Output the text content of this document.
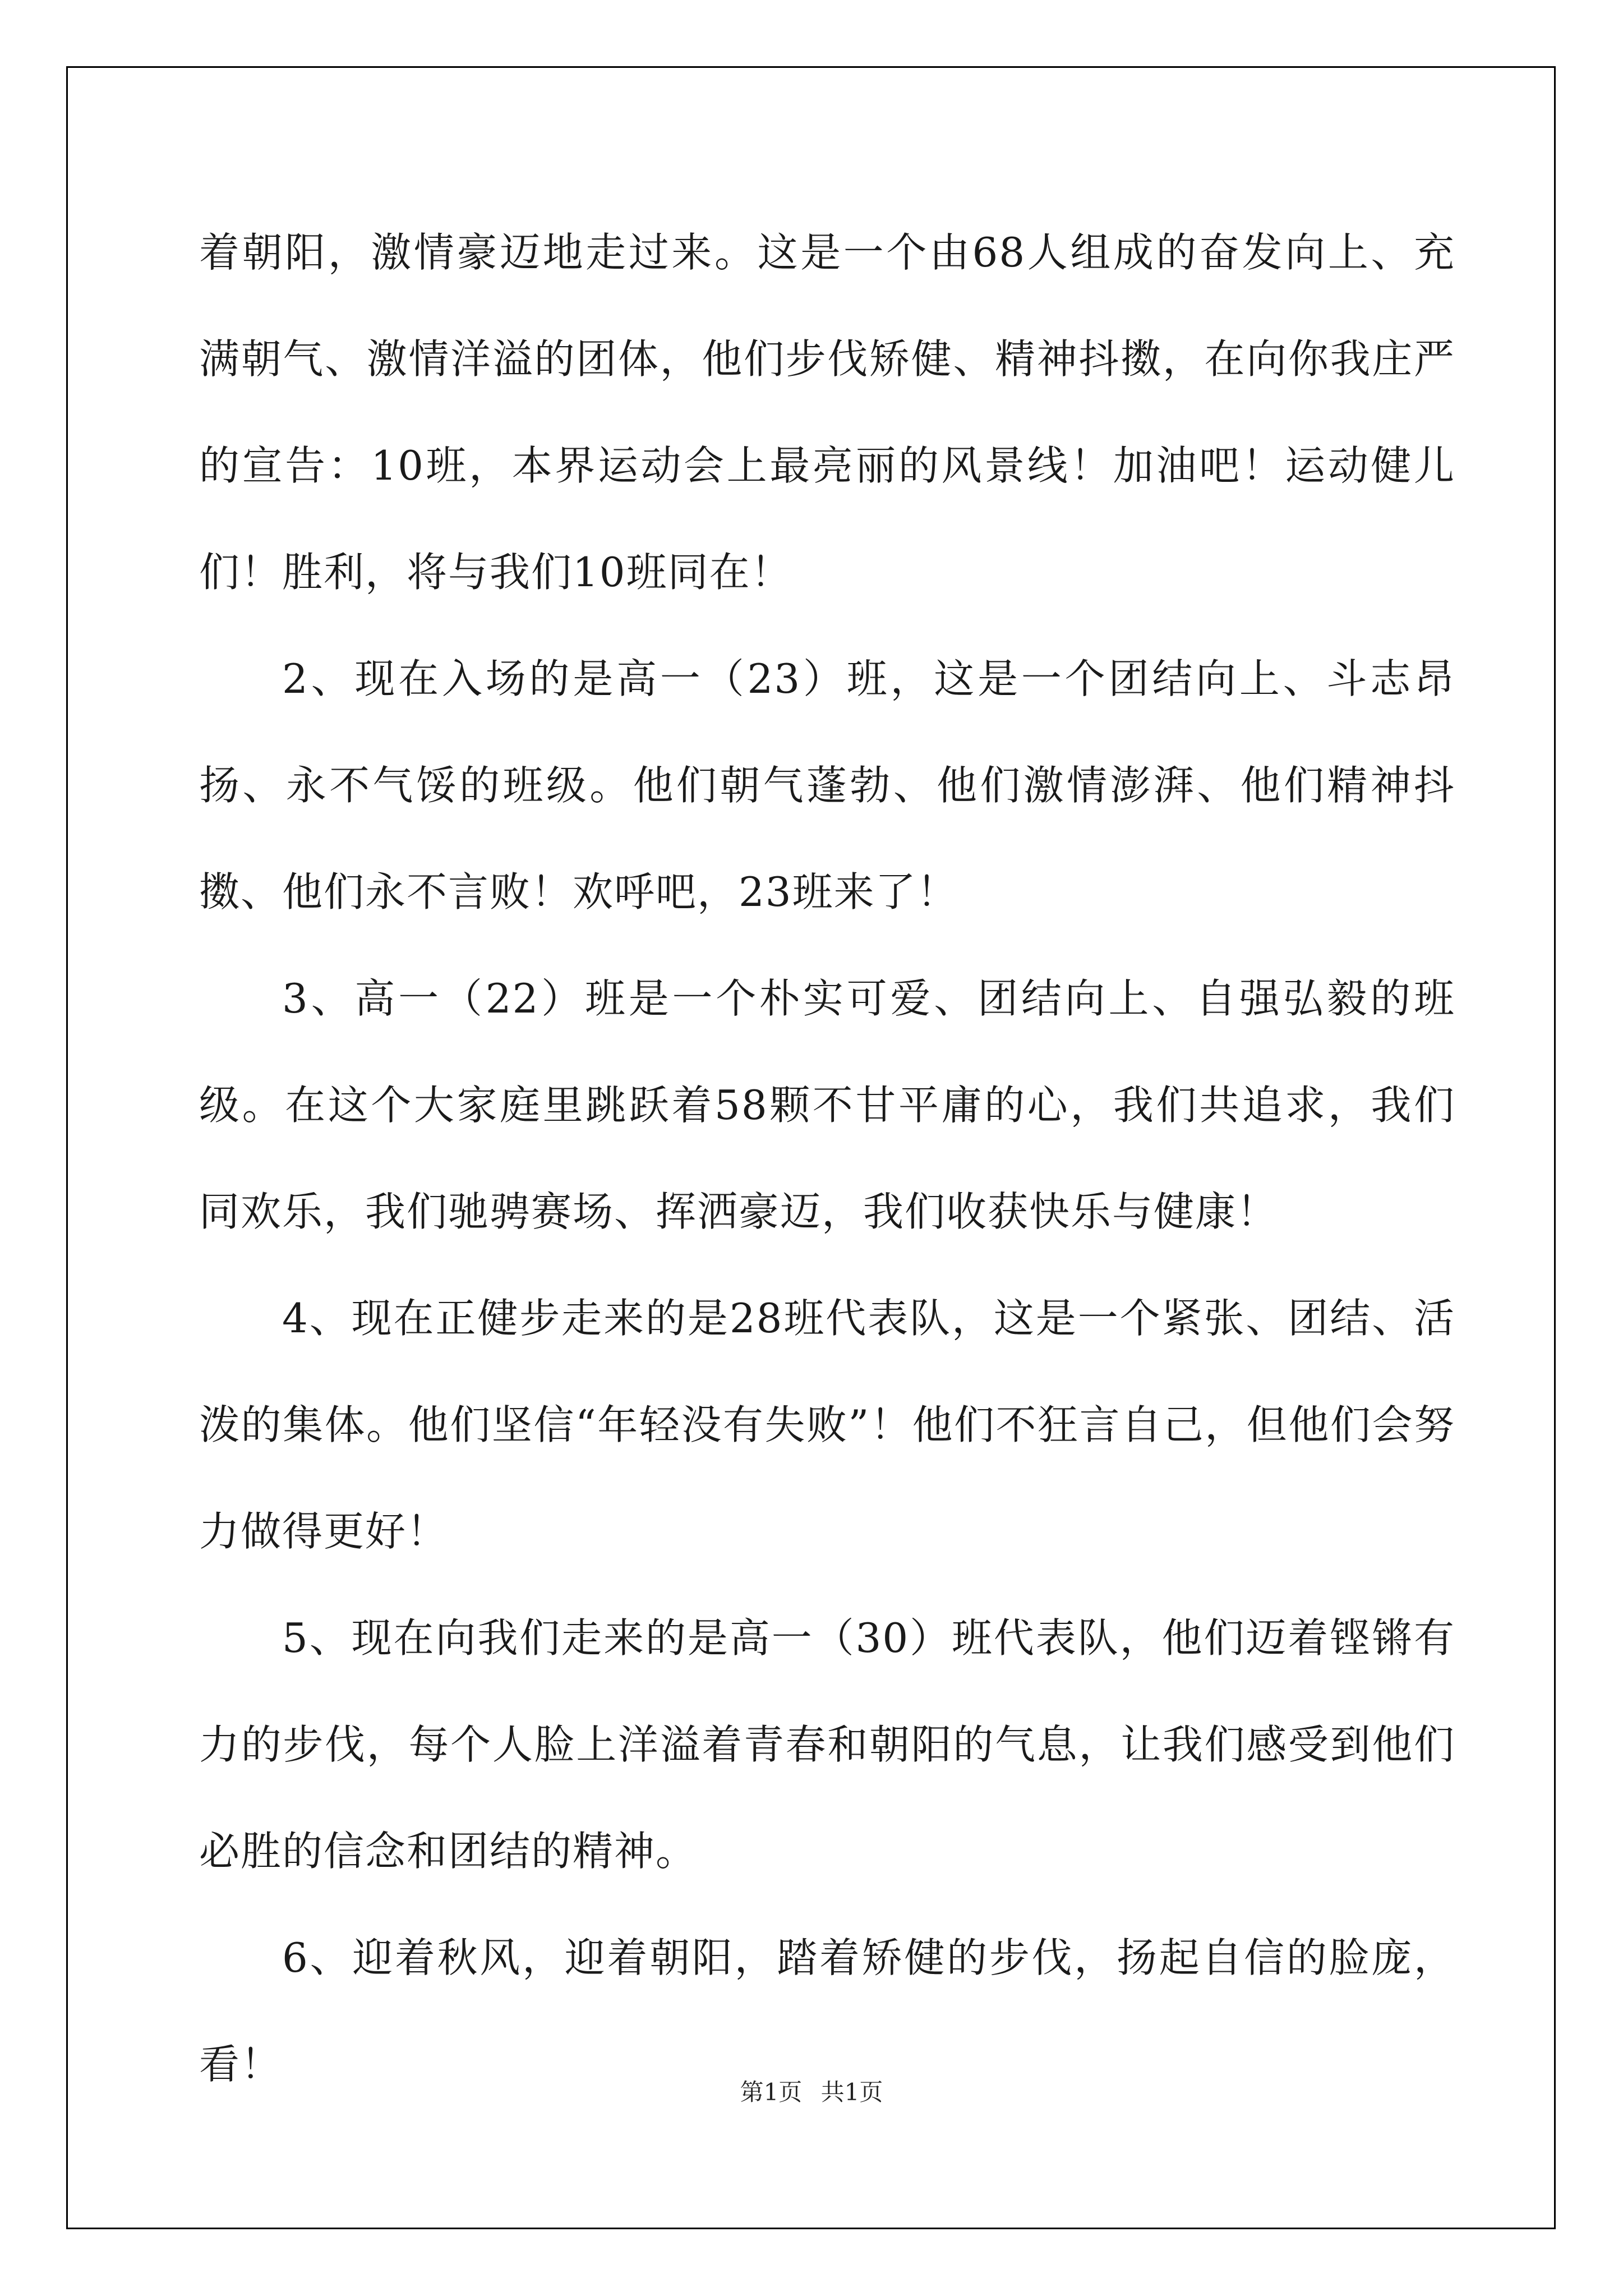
着朝阳，激情豪迈地走过来。这是一个由68人组成的奋发向上、充满朝气、激情洋溢的团体，他们步伐矫健、精神抖擞，在向你我庄严的宣告：10班，本界运动会上最亮丽的风景线！加油吧！运动健儿们！胜利，将与我们10班同在！

2、现在入场的是高一（23）班，这是一个团结向上、斗志昂扬、永不气馁的班级。他们朝气蓬勃、他们激情澎湃、他们精神抖擞、他们永不言败！欢呼吧，23班来了！

3、高一（22）班是一个朴实可爱、团结向上、自强弘毅的班级。在这个大家庭里跳跃着58颗不甘平庸的心，我们共追求，我们同欢乐，我们驰骋赛场、挥洒豪迈，我们收获快乐与健康！

4、现在正健步走来的是28班代表队，这是一个紧张、团结、活泼的集体。他们坚信“年轻没有失败”！他们不狂言自己，但他们会努力做得更好！

5、现在向我们走来的是高一（30）班代表队，他们迈着铿锵有力的步伐，每个人脸上洋溢着青春和朝阳的气息，让我们感受到他们必胜的信念和团结的精神。

6、迎着秋风，迎着朝阳，踏着矫健的步伐，扬起自信的脸庞，看！

第1页 共1页
